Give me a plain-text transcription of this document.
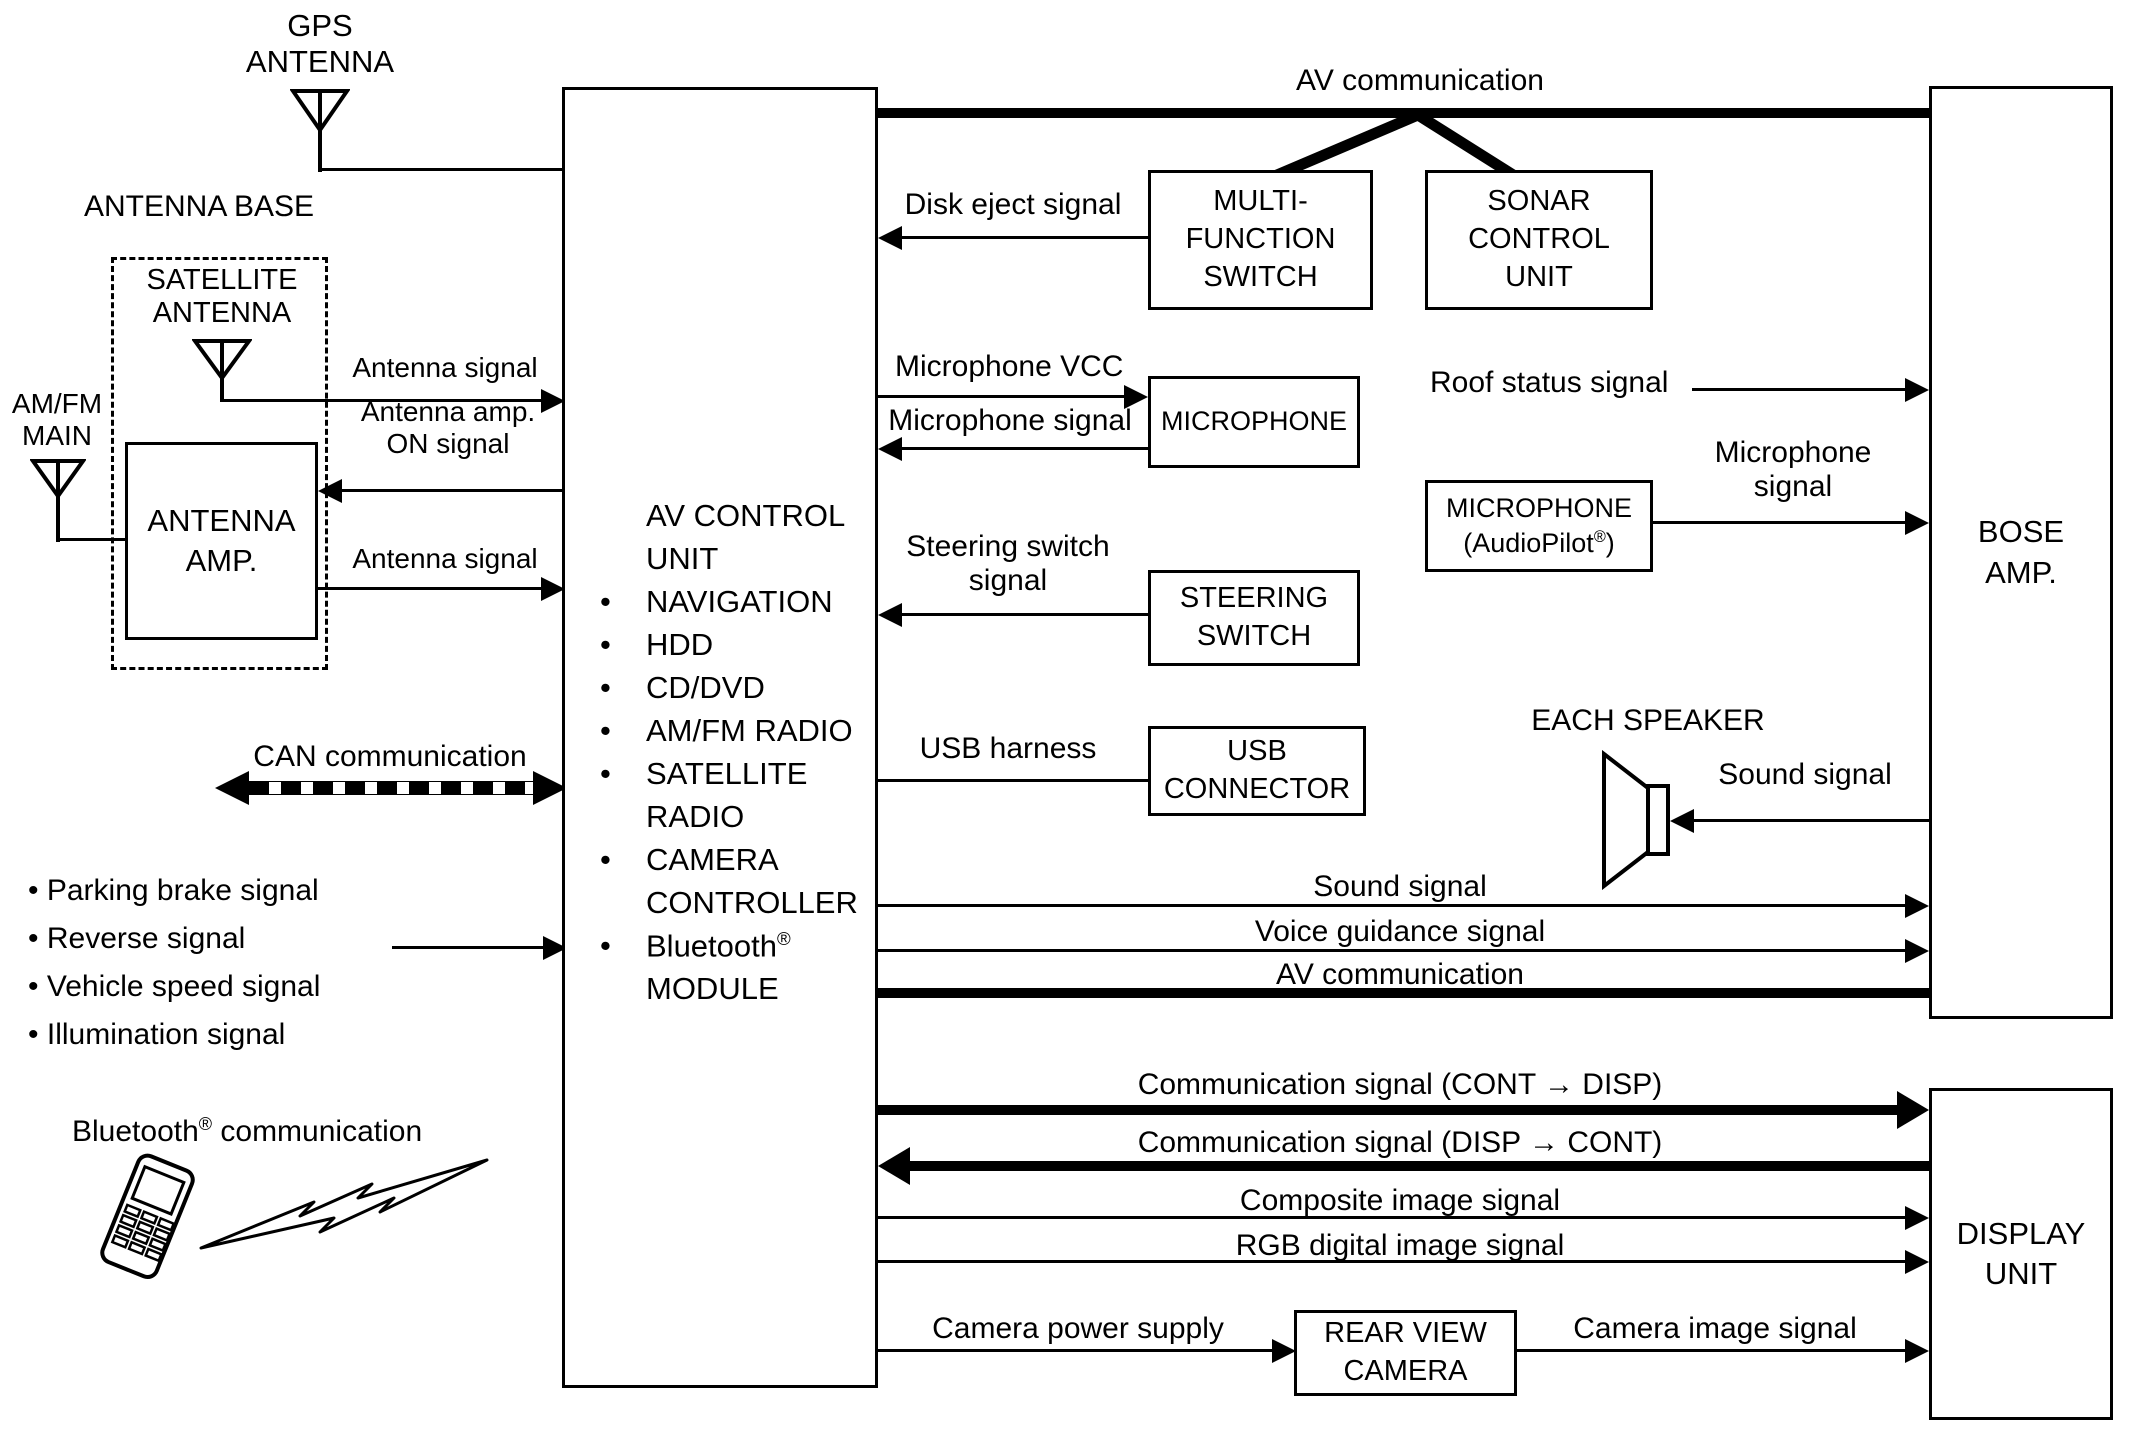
ANTENNA
AMP.
MULTI-
FUNCTION
SWITCH
SONAR
CONTROL
UNIT
MICROPHONE
MICROPHONE
(AudioPilot®)
STEERING
SWITCH
USB
CONNECTOR
REAR VIEW
CAMERA
BOSE
AMP.
DISPLAY
UNIT
AV CONTROL
UNIT
• NAVIGATION
• HDD
• CD/DVD
• AM/FM RADIO
• SATELLITE
RADIO
• CAMERA
CONTROLLER
• Bluetooth®
MODULE
GPS
ANTENNA
ANTENNA BASE
SATELLITE
ANTENNA
AM/FM
MAIN
Antenna signal
Antenna amp.
ON signal
Antenna signal
CAN communication
• Parking brake signal
• Reverse signal
• Vehicle speed signal
• Illumination signal
Bluetooth® communication
AV communication
Disk eject signal
Microphone VCC
Microphone signal
Steering switch
signal
USB harness
Roof status signal
Microphone
signal
EACH SPEAKER
Sound signal
Sound signal
Voice guidance signal
AV communication
Communication signal (CONT → DISP)
Communication signal (DISP → CONT)
Composite image signal
RGB digital image signal
Camera power supply	Camera image signal
